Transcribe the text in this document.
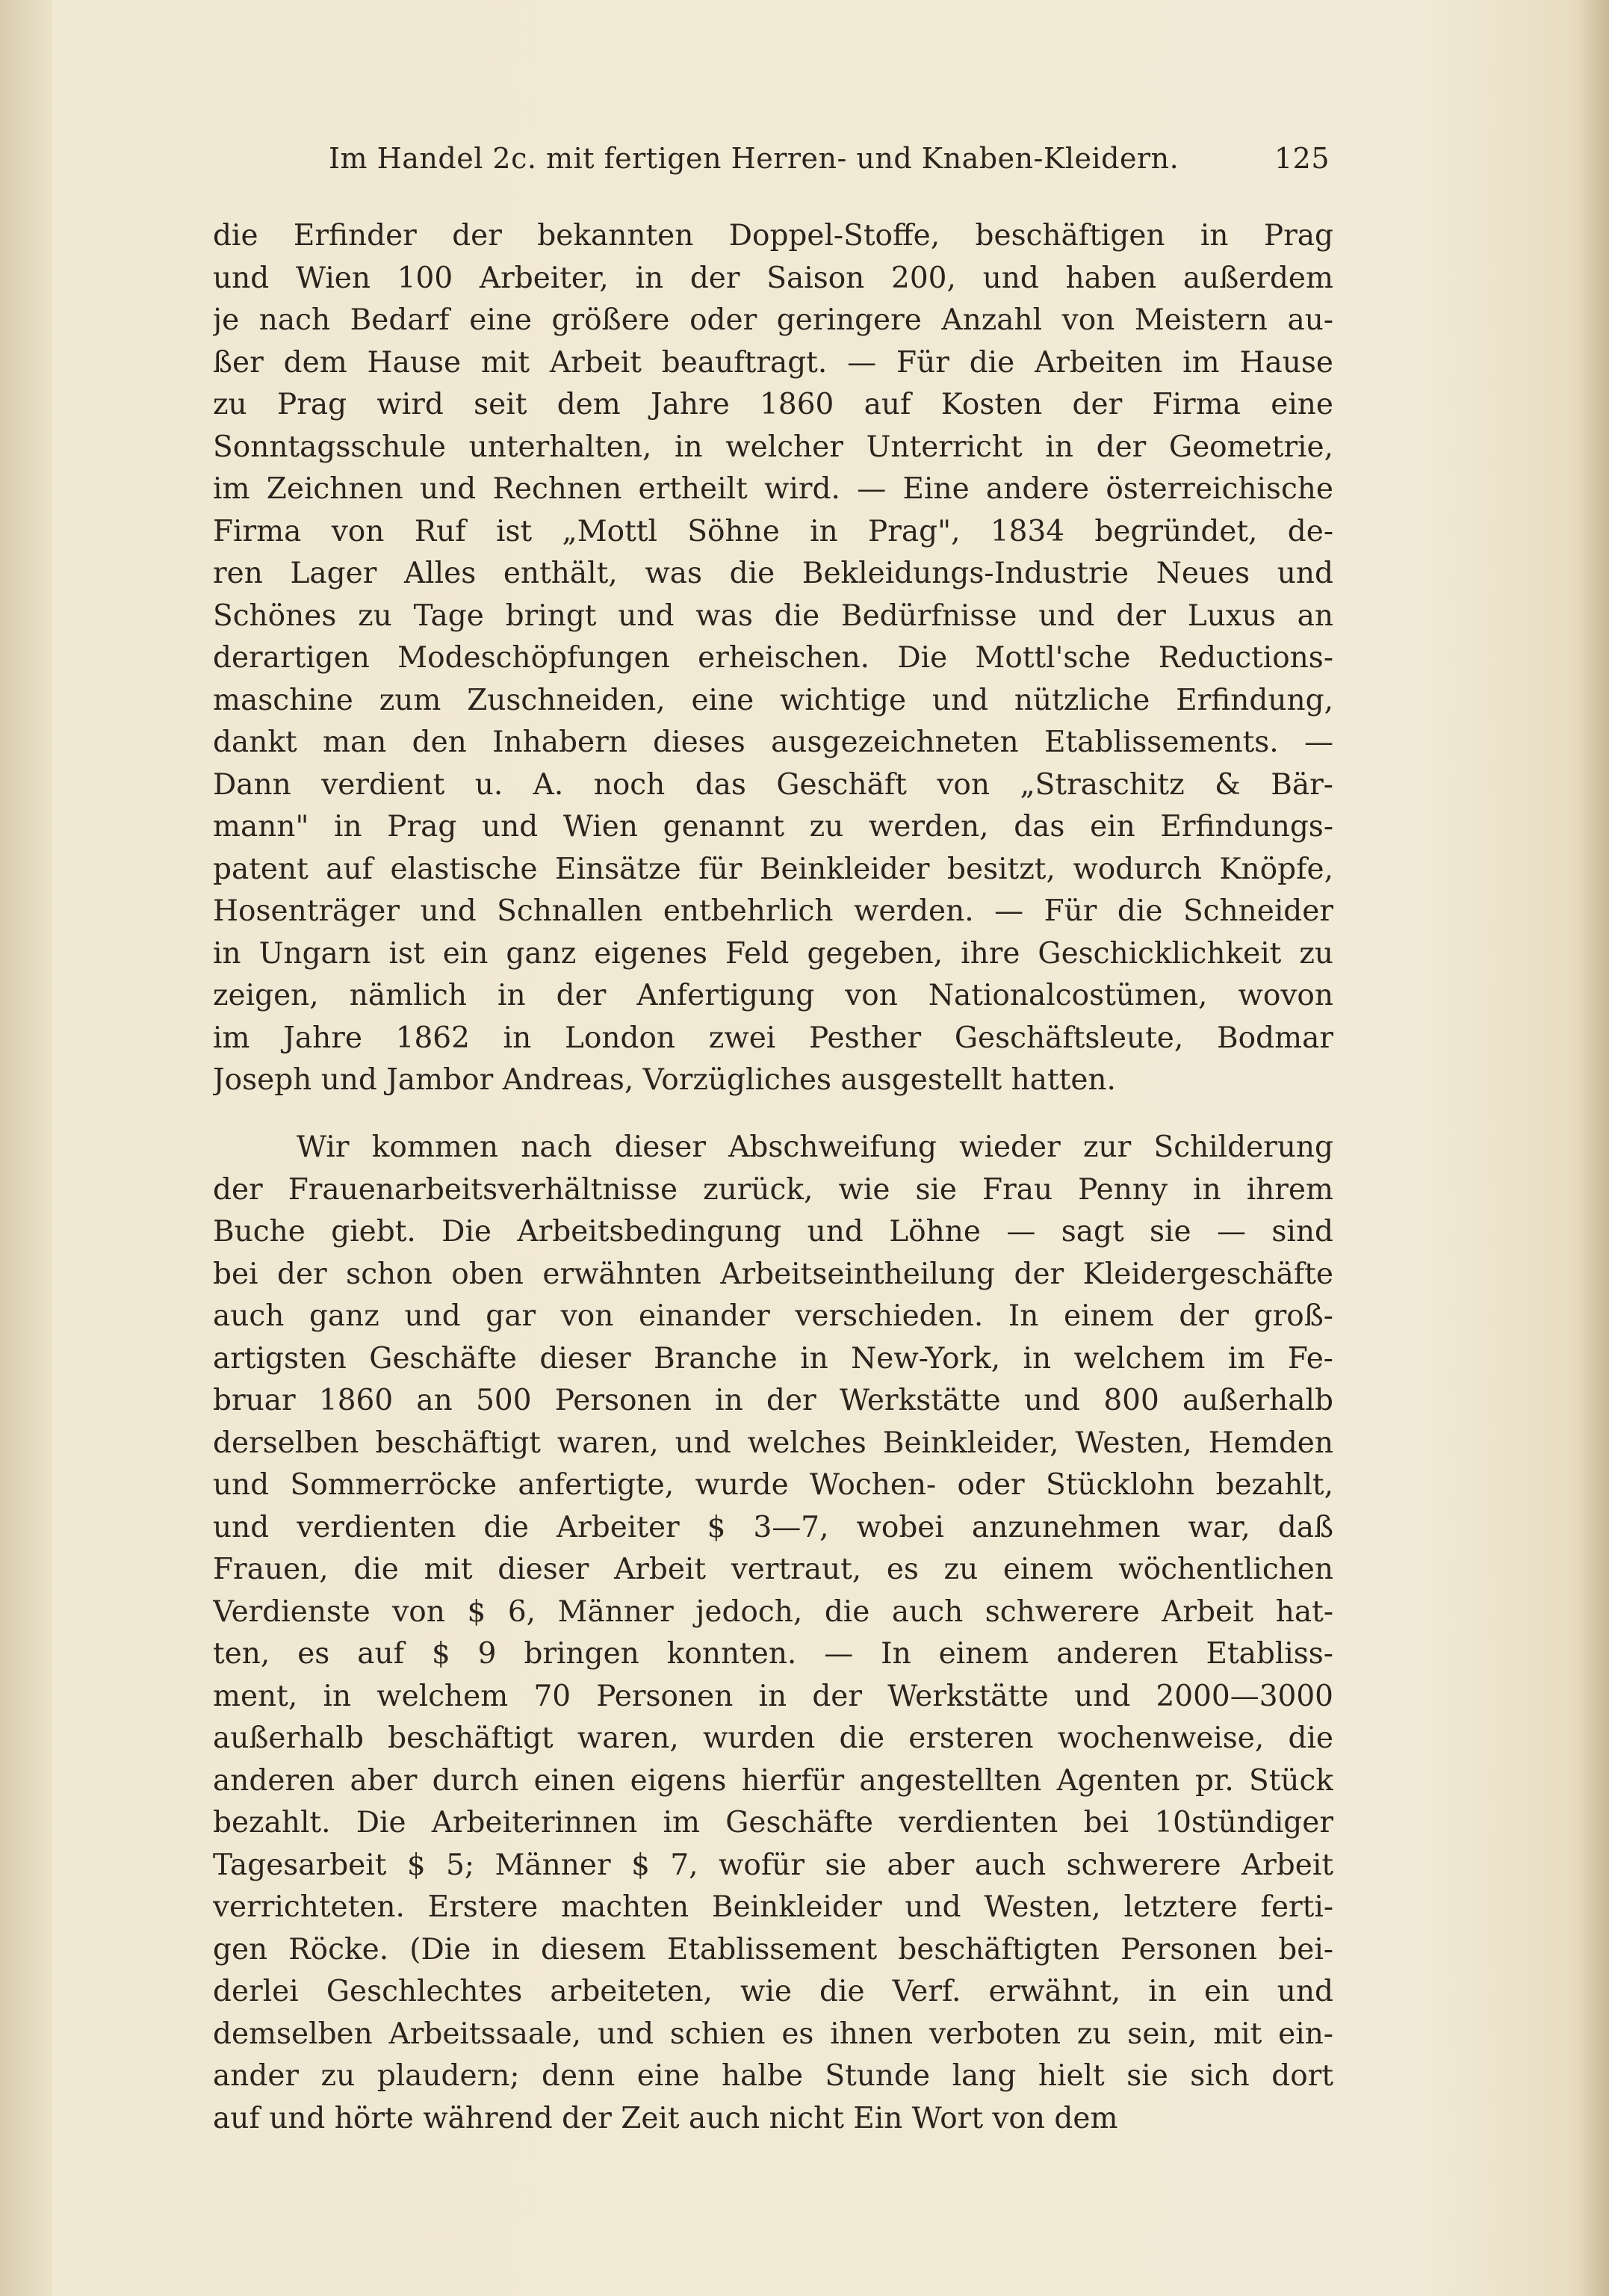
Im Handel 2c. mit fertigen Herren- und Knaben-Kleidern.	125
die Erfinder der bekannten Doppel-Stoffe, beschäftigen in Prag
und Wien 100 Arbeiter, in der Saison 200, und haben außerdem
je nach Bedarf eine größere oder geringere Anzahl von Meistern au-
ßer dem Hause mit Arbeit beauftragt. — Für die Arbeiten im Hause
zu Prag wird seit dem Jahre 1860 auf Kosten der Firma eine
Sonntagsschule unterhalten, in welcher Unterricht in der Geometrie,
im Zeichnen und Rechnen ertheilt wird. — Eine andere österreichische
Firma von Ruf ist „Mottl Söhne in Prag", 1834 begründet, de-
ren Lager Alles enthält, was die Bekleidungs-Industrie Neues und
Schönes zu Tage bringt und was die Bedürfnisse und der Luxus an
derartigen Modeschöpfungen erheischen. Die Mottl'sche Reductions-
maschine zum Zuschneiden, eine wichtige und nützliche Erfindung,
dankt man den Inhabern dieses ausgezeichneten Etablissements. —
Dann verdient u. A. noch das Geschäft von „Straschitz & Bär-
mann" in Prag und Wien genannt zu werden, das ein Erfindungs-
patent auf elastische Einsätze für Beinkleider besitzt, wodurch Knöpfe,
Hosenträger und Schnallen entbehrlich werden. — Für die Schneider
in Ungarn ist ein ganz eigenes Feld gegeben, ihre Geschicklichkeit zu
zeigen, nämlich in der Anfertigung von Nationalcostümen, wovon
im Jahre 1862 in London zwei Pesther Geschäftsleute, Bodmar
Joseph und Jambor Andreas, Vorzügliches ausgestellt hatten.
Wir kommen nach dieser Abschweifung wieder zur Schilderung
der Frauenarbeitsverhältnisse zurück, wie sie Frau Penny in ihrem
Buche giebt. Die Arbeitsbedingung und Löhne — sagt sie — sind
bei der schon oben erwähnten Arbeitseintheilung der Kleidergeschäfte
auch ganz und gar von einander verschieden. In einem der groß-
artigsten Geschäfte dieser Branche in New-York, in welchem im Fe-
bruar 1860 an 500 Personen in der Werkstätte und 800 außerhalb
derselben beschäftigt waren, und welches Beinkleider, Westen, Hemden
und Sommerröcke anfertigte, wurde Wochen- oder Stücklohn bezahlt,
und verdienten die Arbeiter $ 3—7, wobei anzunehmen war, daß
Frauen, die mit dieser Arbeit vertraut, es zu einem wöchentlichen
Verdienste von $ 6, Männer jedoch, die auch schwerere Arbeit hat-
ten, es auf $ 9 bringen konnten. — In einem anderen Etabliss-
ment, in welchem 70 Personen in der Werkstätte und 2000—3000
außerhalb beschäftigt waren, wurden die ersteren wochenweise, die
anderen aber durch einen eigens hierfür angestellten Agenten pr. Stück
bezahlt. Die Arbeiterinnen im Geschäfte verdienten bei 10stündiger
Tagesarbeit $ 5; Männer $ 7, wofür sie aber auch schwerere Arbeit
verrichteten. Erstere machten Beinkleider und Westen, letztere ferti-
gen Röcke. (Die in diesem Etablissement beschäftigten Personen bei-
derlei Geschlechtes arbeiteten, wie die Verf. erwähnt, in ein und
demselben Arbeitssaale, und schien es ihnen verboten zu sein, mit ein-
ander zu plaudern; denn eine halbe Stunde lang hielt sie sich dort
auf und hörte während der Zeit auch nicht Ein Wort von dem
